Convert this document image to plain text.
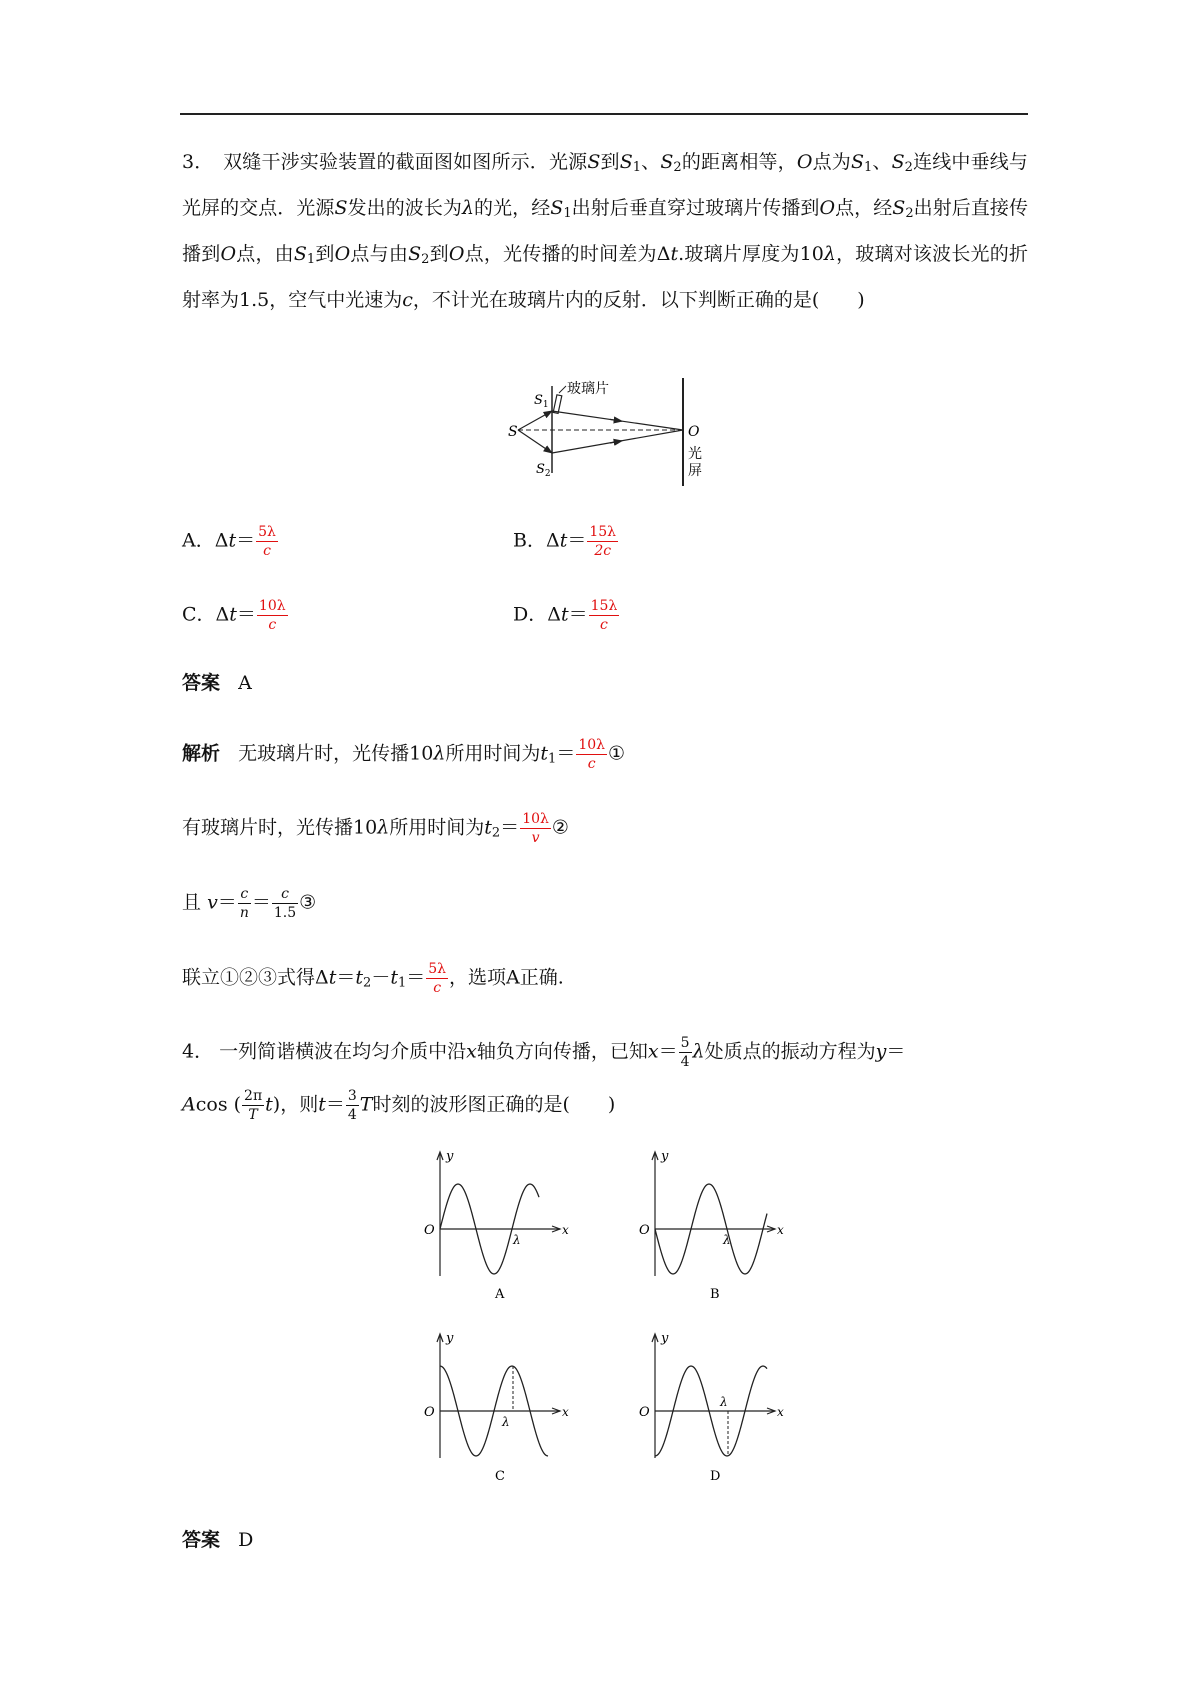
3． 双缝干涉实验装置的截面图如图所示．光源S到$S_1$、$S_2$的距离相等，O点为$S_1$、$S_2$连线中垂线与光屏的交点．光源S发出的波长为λ的光，经$S_1$出射后垂直穿过玻璃片传播到O点，经$S_2$出射后直接传播到O点，由$S_1$到O点与由$S_2$到O点，光传播的时间差为Δt.玻璃片厚度为10λ，玻璃对该波长光的折射率为1.5，空气中光速为c，不计光在玻璃片内的反射．以下判断正确的是(　　)
S
$S_1$
$S_2$
玻璃片
O
光
屏
A．$\Delta t= \frac{5\lambda}{c}$	B．$\Delta t= \frac{15\lambda}{2c}$
C．$\Delta t= \frac{10\lambda}{c}$	D．$\Delta t= \frac{15\lambda}{c}$
答案 A
解析 无玻璃片时，光传播10λ所用时间为$t_1= \frac{10\lambda}{c}$ ①
有玻璃片时，光传播10λ所用时间为$t_2= \frac{10\lambda}{v}$ ②
且 $v= \frac{c}{n} = \frac{c}{1.5}$ ③
联立①②③式得$\Delta t=t_2-t_1= \frac{5\lambda}{c}$ ，选项A正确.
4． 一列简谐横波在均匀介质中沿x轴负方向传播，已知$x= \frac{5}{4}$ λ处质点的振动方程为y＝
Acos ( $\frac{2\pi}{T} t$)，则$t= \frac{3}{4}$ T时刻的波形图正确的是(　　)
y
O	x
λ
A
y
O	x
λ
B
y
O	x
λ
C
y
O	x
λ
D
答案 D
